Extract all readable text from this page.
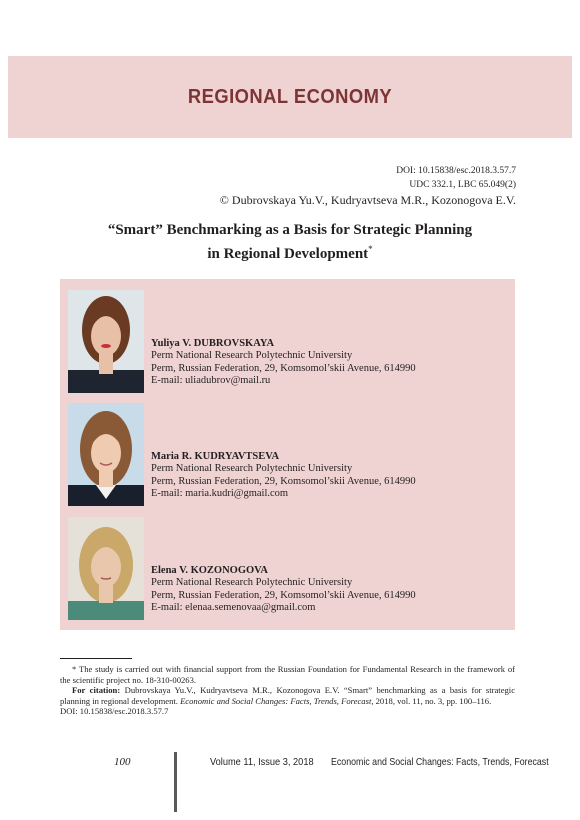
REGIONAL ECONOMY
DOI: 10.15838/esc.2018.3.57.7
UDC 332.1, LBC 65.049(2)
© Dubrovskaya Yu.V., Kudryavtseva M.R., Kozonogova E.V.
“Smart” Benchmarking as a Basis for Strategic Planning
in Regional Development*
Yuliya V. DUBROVSKAYA
Perm National Research Polytechnic University
Perm, Russian Federation, 29, Komsomol’skii Avenue, 614990
E-mail: uliadubrov@mail.ru
Maria R. KUDRYAVTSEVA
Perm National Research Polytechnic University
Perm, Russian Federation, 29, Komsomol’skii Avenue, 614990
E-mail: maria.kudri@gmail.com
Elena V. KOZONOGOVA
Perm National Research Polytechnic University
Perm, Russian Federation, 29, Komsomol’skii Avenue, 614990
E-mail: elenaa.semenovaa@gmail.com

* The study is carried out with financial support from the Russian Foundation for Fundamental Research in the framework of the scientific project no. 18-310-00263.

For citation: Dubrovskaya Yu.V., Kudryavtseva M.R., Kozonogova E.V. “Smart” benchmarking as a basis for strategic planning in regional development. Economic and Social Changes: Facts, Trends, Forecast, 2018, vol. 11, no. 3, pp. 100–116.

DOI: 10.15838/esc.2018.3.57.7
100	Volume 11, Issue 3, 2018 Economic and Social Changes: Facts, Trends, Forecast
